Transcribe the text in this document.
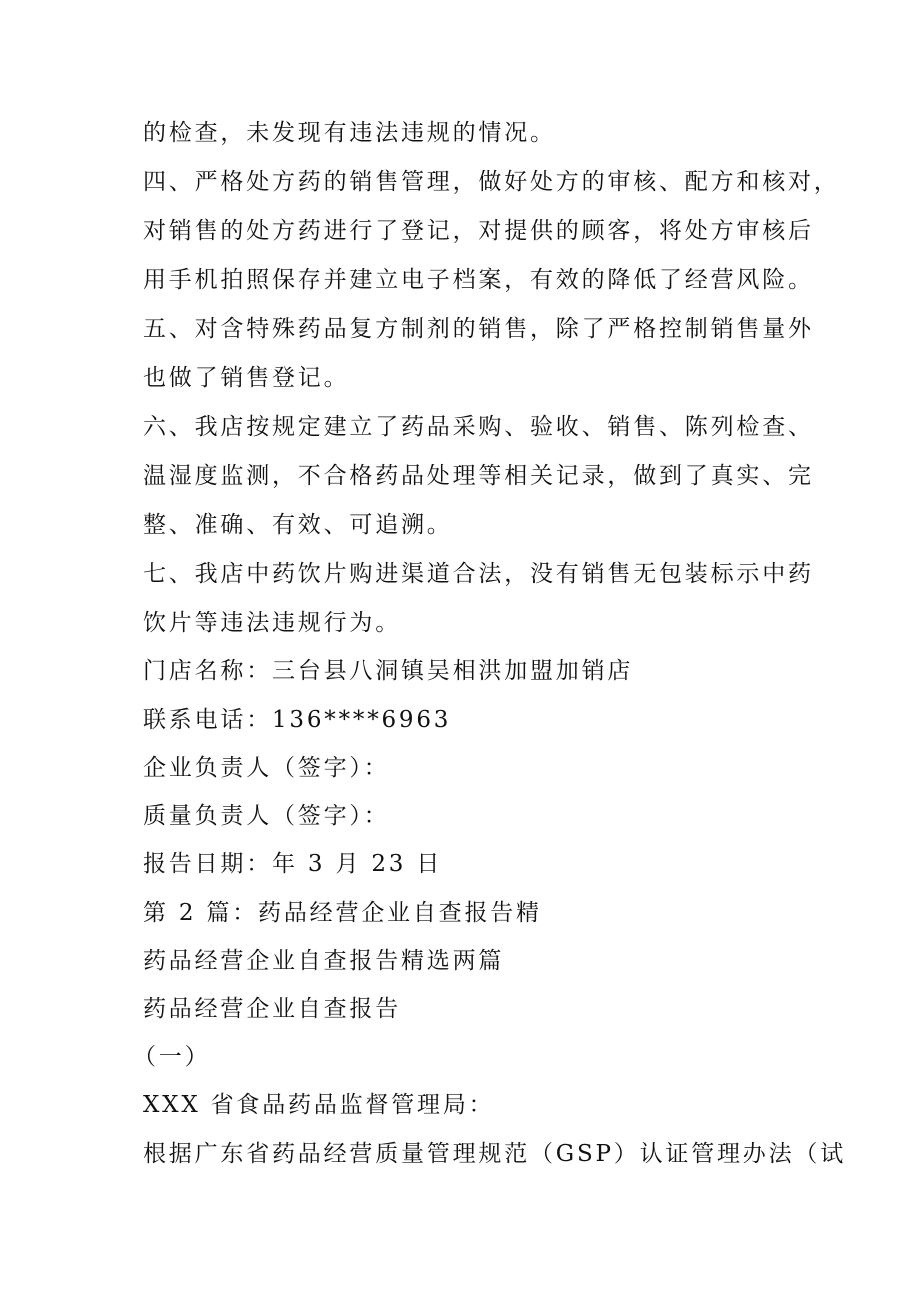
的检查，未发现有违法违规的情况。
四、严格处方药的销售管理，做好处方的审核、配方和核对，
对销售的处方药进行了登记，对提供的顾客，将处方审核后
用手机拍照保存并建立电子档案，有效的降低了经营风险。
五、对含特殊药品复方制剂的销售，除了严格控制销售量外
也做了销售登记。
六、我店按规定建立了药品采购、验收、销售、陈列检查、
温湿度监测，不合格药品处理等相关记录，做到了真实、完
整、准确、有效、可追溯。
七、我店中药饮片购进渠道合法，没有销售无包装标示中药
饮片等违法违规行为。
门店名称：三台县八洞镇吴相洪加盟加销店
联系电话：136****6963
企业负责人（签字）：
质量负责人（签字）：
报告日期：年 3 月 23 日
第 2 篇：药品经营企业自查报告精
药品经营企业自查报告精选两篇
药品经营企业自查报告
（一）
XXX 省食品药品监督管理局：
根据广东省药品经营质量管理规范（GSP）认证管理办法（试
